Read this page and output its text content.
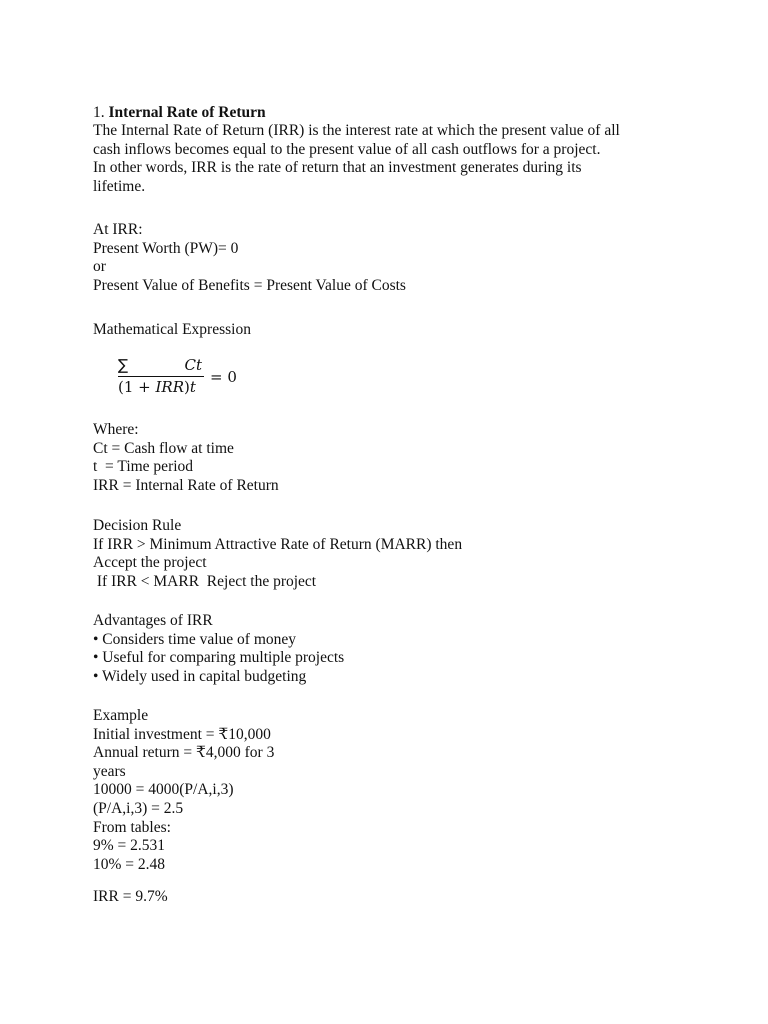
1. Internal Rate of Return
The Internal Rate of Return (IRR) is the interest rate at which the present value of all
cash inflows becomes equal to the present value of all cash outflows for a project.
In other words, IRR is the rate of return that an investment generates during its
lifetime.
At IRR:
Present Worth (PW)= 0
or
Present Value of Benefits = Present Value of Costs
Mathematical Expression
∑	Ct
(1 + IRR)t
= 0
Where:
Ct = Cash flow at time
t  = Time period
IRR = Internal Rate of Return
Decision Rule
If IRR > Minimum Attractive Rate of Return (MARR) then
Accept the project
If IRR < MARR  Reject the project
Advantages of IRR
• Considers time value of money
• Useful for comparing multiple projects
• Widely used in capital budgeting
Example
Initial investment = ₹10,000
Annual return = ₹4,000 for 3
years
10000 = 4000(P/A,i,3)
(P/A,i,3) = 2.5
From tables:
9% = 2.531
10% = 2.48
IRR = 9.7%
